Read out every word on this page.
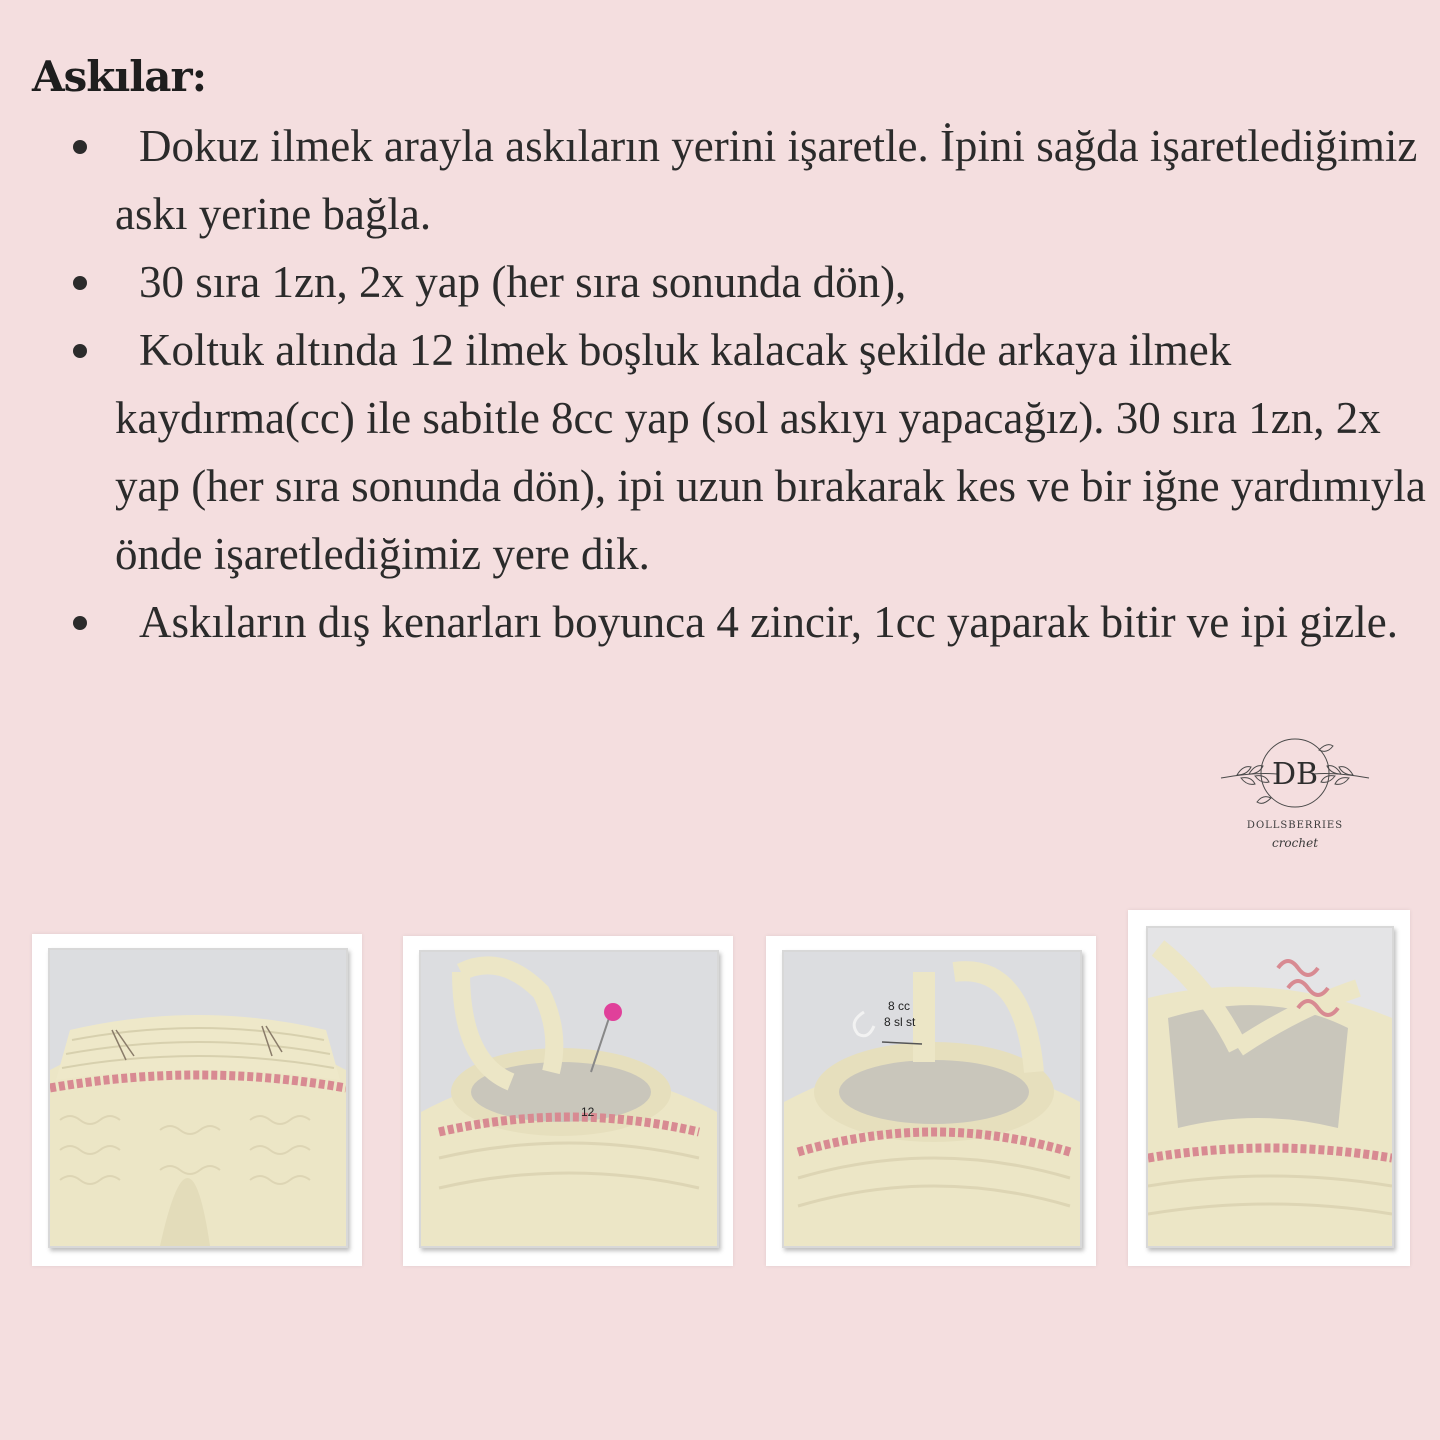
Askılar:
Dokuz ilmek arayla askıların yerini işaretle. İpini sağda işaretlediğimiz askı yerine bağla.
30 sıra 1zn, 2x yap (her sıra sonunda dön),
Koltuk altında 12 ilmek boşluk kalacak şekilde arkaya ilmek kaydırma(cc) ile sabitle 8cc yap (sol askıyı yapacağız). 30 sıra 1zn, 2x yap (her sıra sonunda dön), ipi uzun bırakarak kes ve bir iğne yardımıyla önde işaretlediğimiz yere dik.
Askıların dış kenarları boyunca 4 zincir, 1cc yaparak bitir ve ipi gizle.
DB
DOLLSBERRIES
crochet
12
8 cc
8 sl st
